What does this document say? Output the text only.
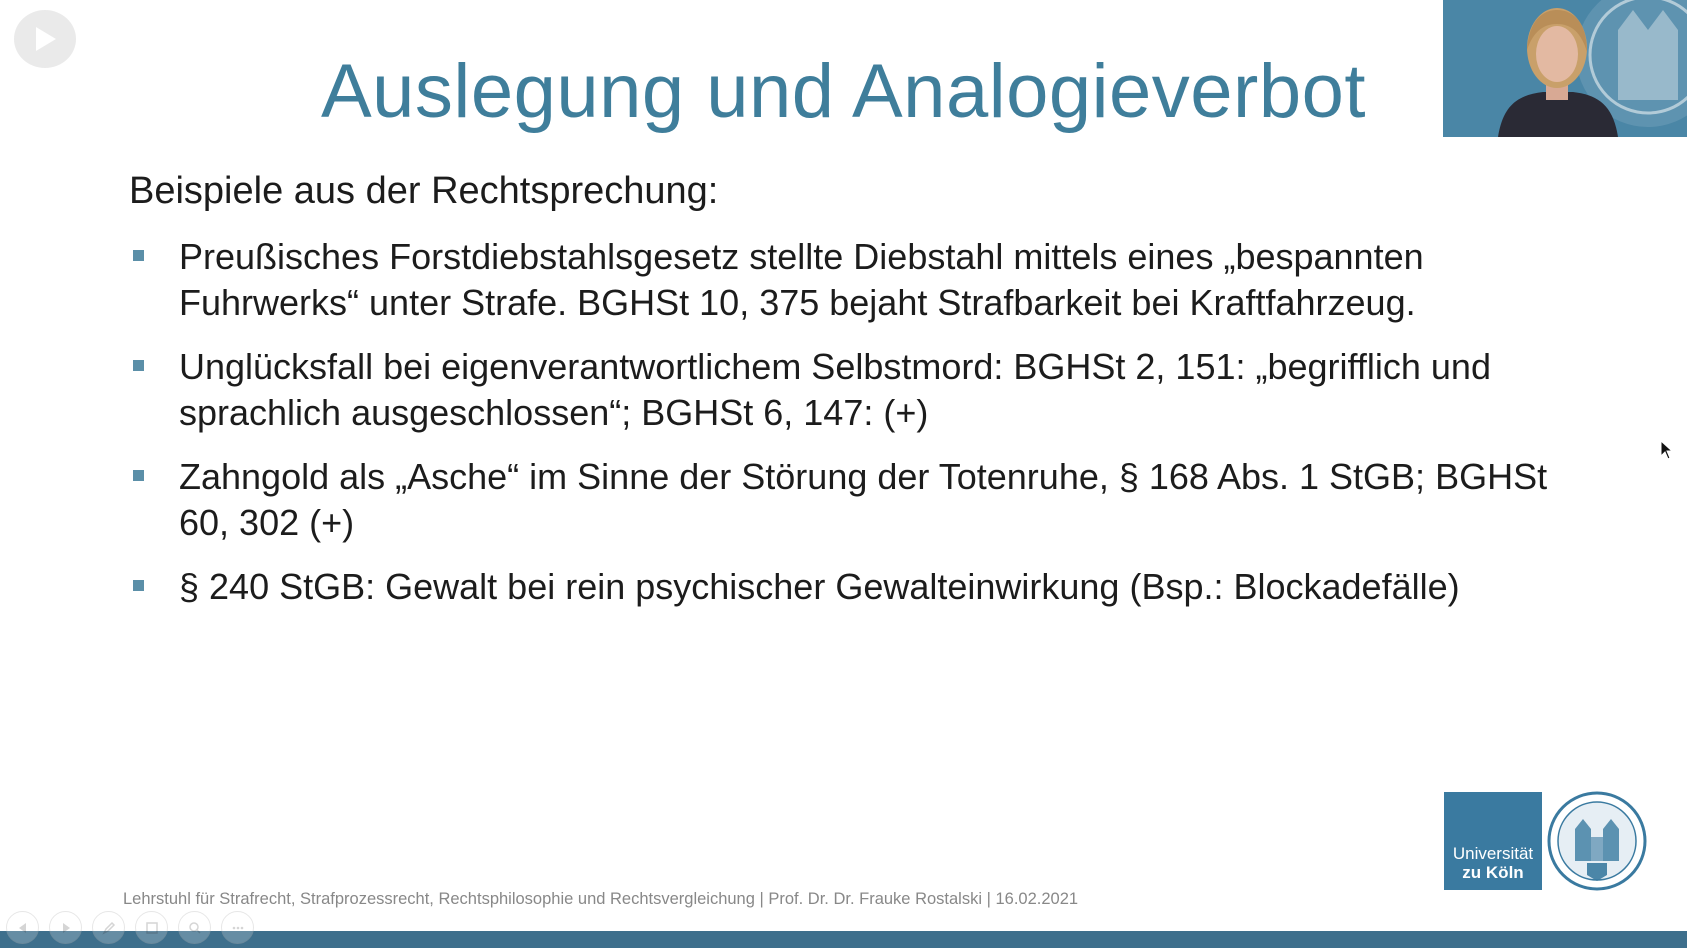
Auslegung und Analogieverbot

Beispiele aus der Rechtsprechung:

Preußisches Forstdiebstahlsgesetz stellte Diebstahl mittels eines „bespannten Fuhrwerks“ unter Strafe. BGHSt 10, 375 bejaht Strafbarkeit bei Kraftfahrzeug.
Unglücksfall bei eigenverantwortlichem Selbstmord: BGHSt 2, 151: „begrifflich und sprachlich ausgeschlossen“; BGHSt 6, 147: (+)
Zahngold als „Asche“ im Sinne der Störung der Totenruhe, § 168 Abs. 1 StGB; BGHSt 60, 302 (+)
§ 240 StGB: Gewalt bei rein psychischer Gewalteinwirkung (Bsp.: Blockadefälle)
Lehrstuhl für Strafrecht, Strafprozessrecht, Rechtsphilosophie und Rechtsvergleichung | Prof. Dr. Dr. Frauke Rostalski | 16.02.2021
Universität
zu Köln
